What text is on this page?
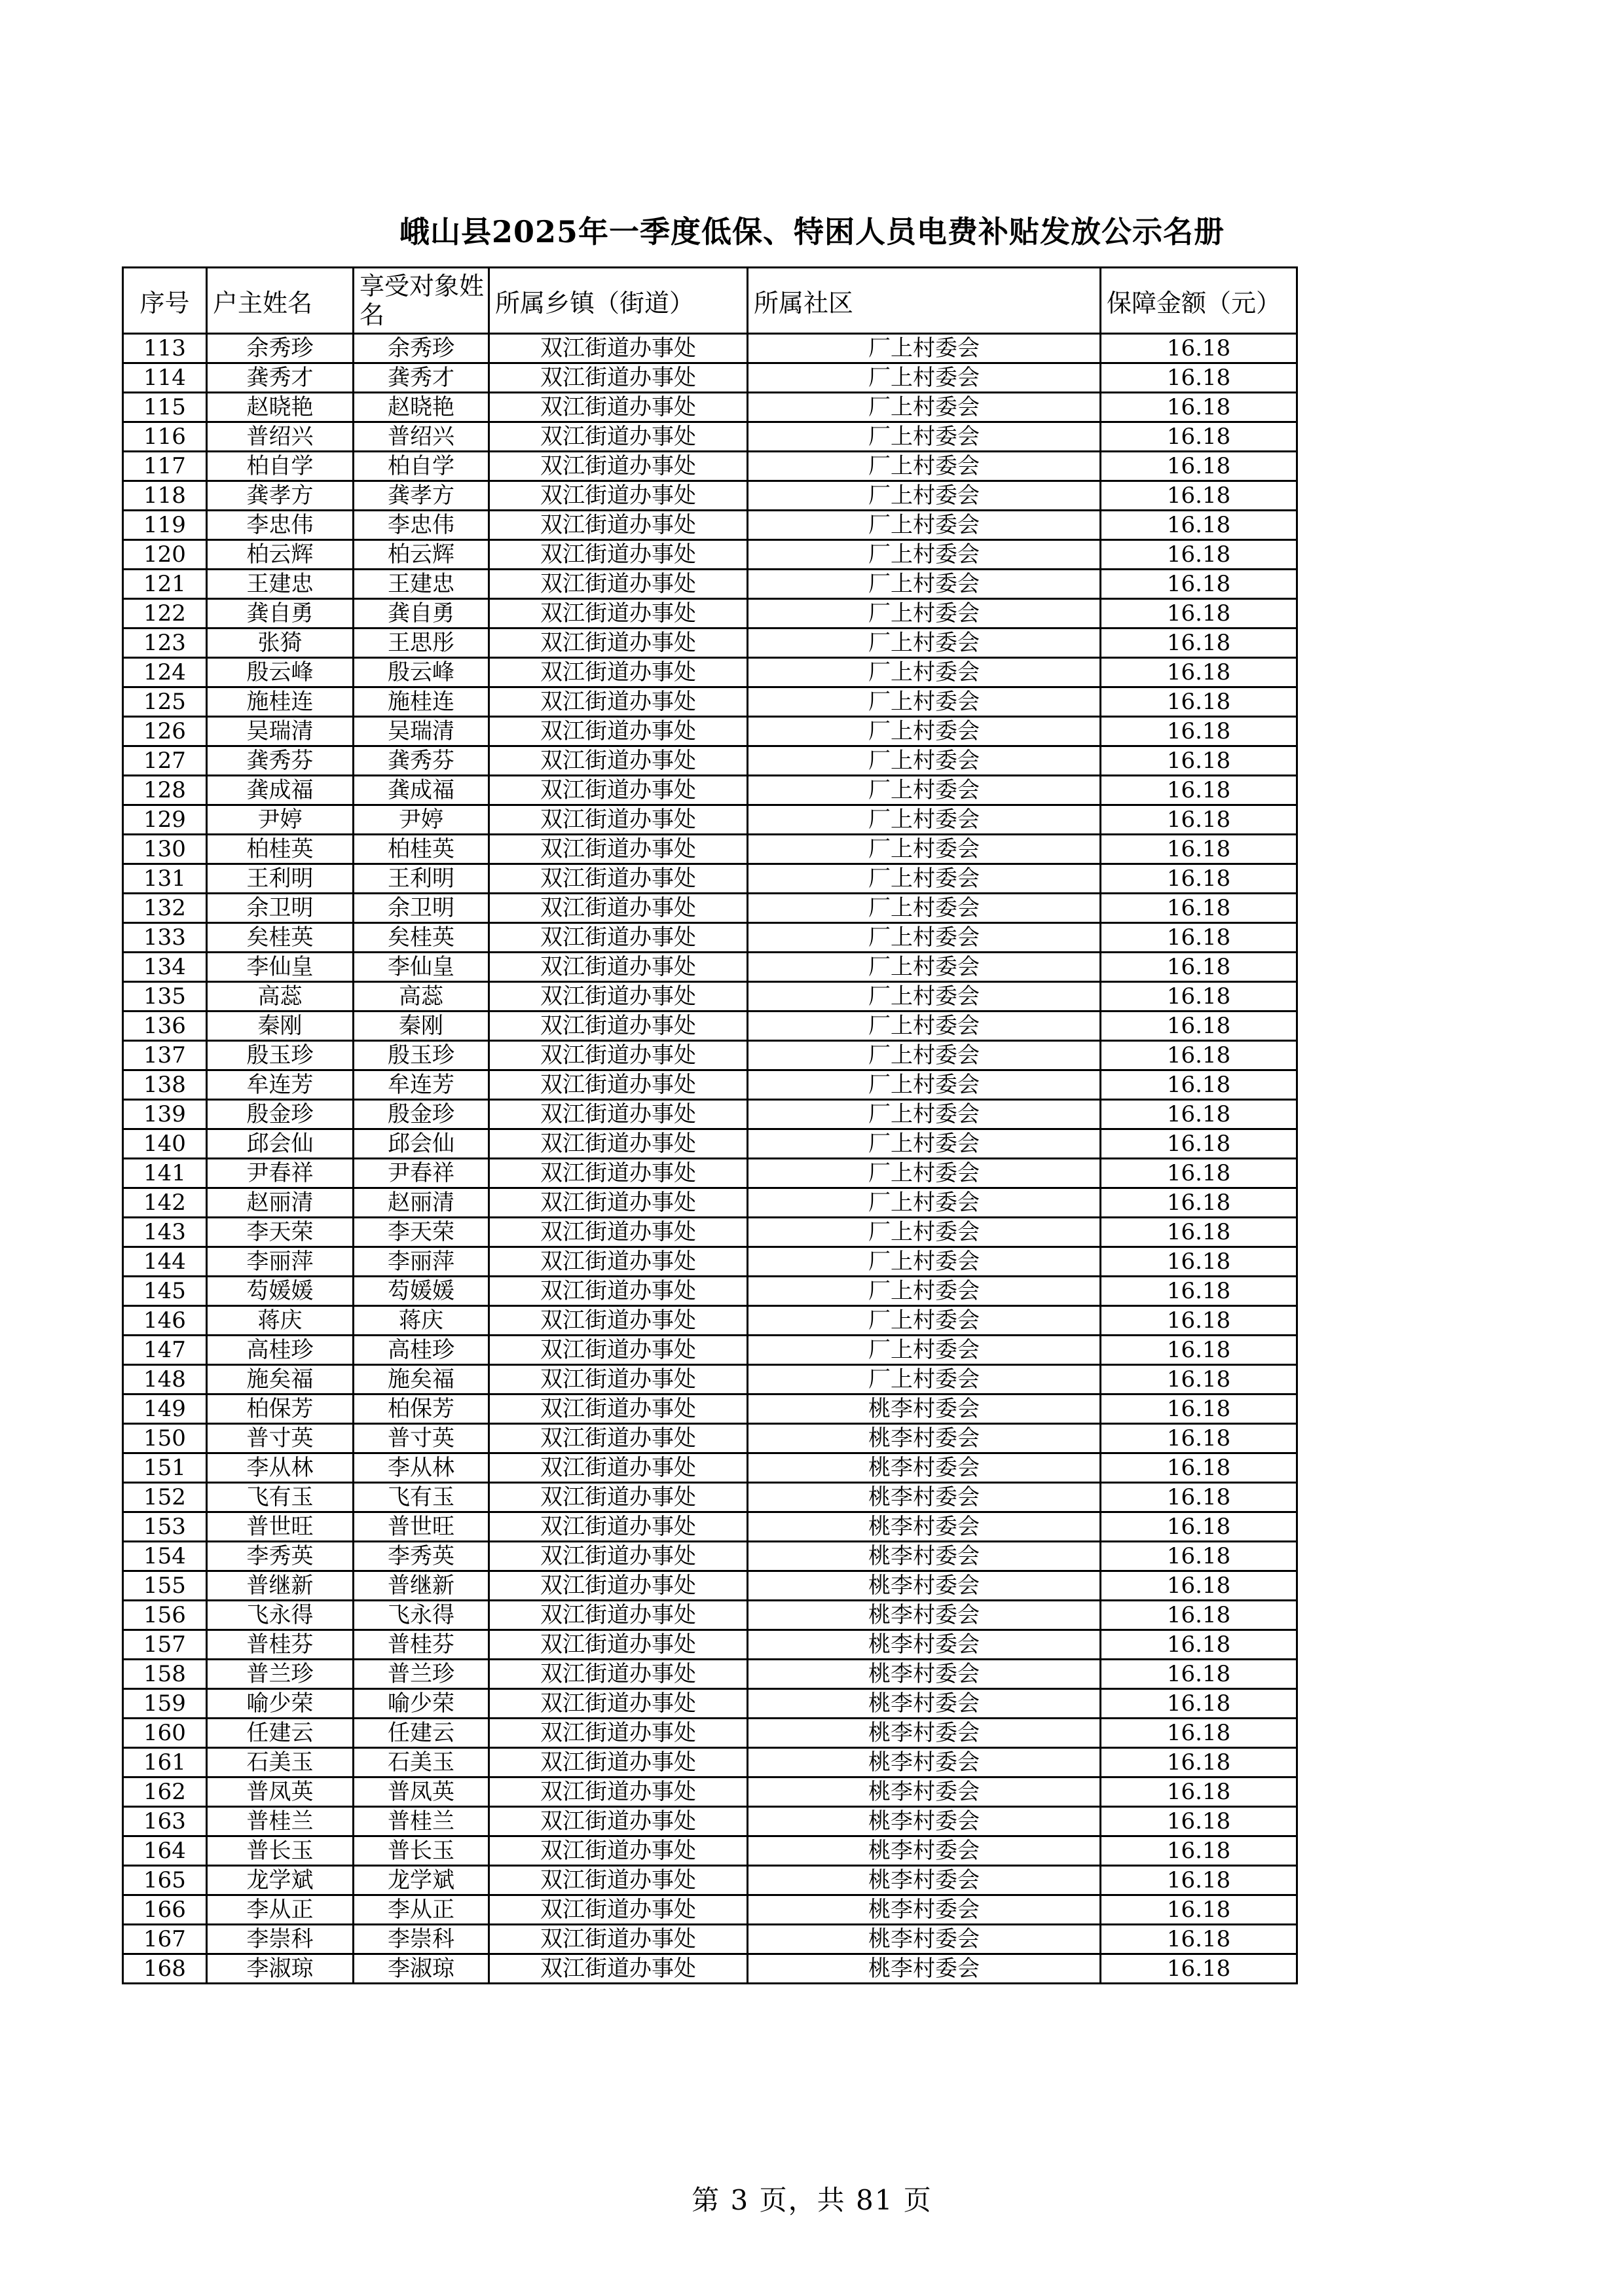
峨山县2025年一季度低保、特困人员电费补贴发放公示名册
序号	户主姓名	享受对象姓名	所属乡镇（街道）	所属社区	保障金额（元）
113	余秀珍	余秀珍	双江街道办事处	厂上村委会	16.18
114	龚秀才	龚秀才	双江街道办事处	厂上村委会	16.18
115	赵晓艳	赵晓艳	双江街道办事处	厂上村委会	16.18
116	普绍兴	普绍兴	双江街道办事处	厂上村委会	16.18
117	柏自学	柏自学	双江街道办事处	厂上村委会	16.18
118	龚孝方	龚孝方	双江街道办事处	厂上村委会	16.18
119	李忠伟	李忠伟	双江街道办事处	厂上村委会	16.18
120	柏云辉	柏云辉	双江街道办事处	厂上村委会	16.18
121	王建忠	王建忠	双江街道办事处	厂上村委会	16.18
122	龚自勇	龚自勇	双江街道办事处	厂上村委会	16.18
123	张猗	王思彤	双江街道办事处	厂上村委会	16.18
124	殷云峰	殷云峰	双江街道办事处	厂上村委会	16.18
125	施桂连	施桂连	双江街道办事处	厂上村委会	16.18
126	吴瑞清	吴瑞清	双江街道办事处	厂上村委会	16.18
127	龚秀芬	龚秀芬	双江街道办事处	厂上村委会	16.18
128	龚成福	龚成福	双江街道办事处	厂上村委会	16.18
129	尹婷	尹婷	双江街道办事处	厂上村委会	16.18
130	柏桂英	柏桂英	双江街道办事处	厂上村委会	16.18
131	王利明	王利明	双江街道办事处	厂上村委会	16.18
132	余卫明	余卫明	双江街道办事处	厂上村委会	16.18
133	矣桂英	矣桂英	双江街道办事处	厂上村委会	16.18
134	李仙皇	李仙皇	双江街道办事处	厂上村委会	16.18
135	高蕊	高蕊	双江街道办事处	厂上村委会	16.18
136	秦刚	秦刚	双江街道办事处	厂上村委会	16.18
137	殷玉珍	殷玉珍	双江街道办事处	厂上村委会	16.18
138	牟连芳	牟连芳	双江街道办事处	厂上村委会	16.18
139	殷金珍	殷金珍	双江街道办事处	厂上村委会	16.18
140	邱会仙	邱会仙	双江街道办事处	厂上村委会	16.18
141	尹春祥	尹春祥	双江街道办事处	厂上村委会	16.18
142	赵丽清	赵丽清	双江街道办事处	厂上村委会	16.18
143	李天荣	李天荣	双江街道办事处	厂上村委会	16.18
144	李丽萍	李丽萍	双江街道办事处	厂上村委会	16.18
145	芶媛媛	芶媛媛	双江街道办事处	厂上村委会	16.18
146	蒋庆	蒋庆	双江街道办事处	厂上村委会	16.18
147	高桂珍	高桂珍	双江街道办事处	厂上村委会	16.18
148	施矣福	施矣福	双江街道办事处	厂上村委会	16.18
149	柏保芳	柏保芳	双江街道办事处	桃李村委会	16.18
150	普寸英	普寸英	双江街道办事处	桃李村委会	16.18
151	李从林	李从林	双江街道办事处	桃李村委会	16.18
152	飞有玉	飞有玉	双江街道办事处	桃李村委会	16.18
153	普世旺	普世旺	双江街道办事处	桃李村委会	16.18
154	李秀英	李秀英	双江街道办事处	桃李村委会	16.18
155	普继新	普继新	双江街道办事处	桃李村委会	16.18
156	飞永得	飞永得	双江街道办事处	桃李村委会	16.18
157	普桂芬	普桂芬	双江街道办事处	桃李村委会	16.18
158	普兰珍	普兰珍	双江街道办事处	桃李村委会	16.18
159	喻少荣	喻少荣	双江街道办事处	桃李村委会	16.18
160	任建云	任建云	双江街道办事处	桃李村委会	16.18
161	石美玉	石美玉	双江街道办事处	桃李村委会	16.18
162	普凤英	普凤英	双江街道办事处	桃李村委会	16.18
163	普桂兰	普桂兰	双江街道办事处	桃李村委会	16.18
164	普长玉	普长玉	双江街道办事处	桃李村委会	16.18
165	龙学斌	龙学斌	双江街道办事处	桃李村委会	16.18
166	李从正	李从正	双江街道办事处	桃李村委会	16.18
167	李崇科	李崇科	双江街道办事处	桃李村委会	16.18
168	李淑琼	李淑琼	双江街道办事处	桃李村委会	16.18
第 3 页，共 81 页
